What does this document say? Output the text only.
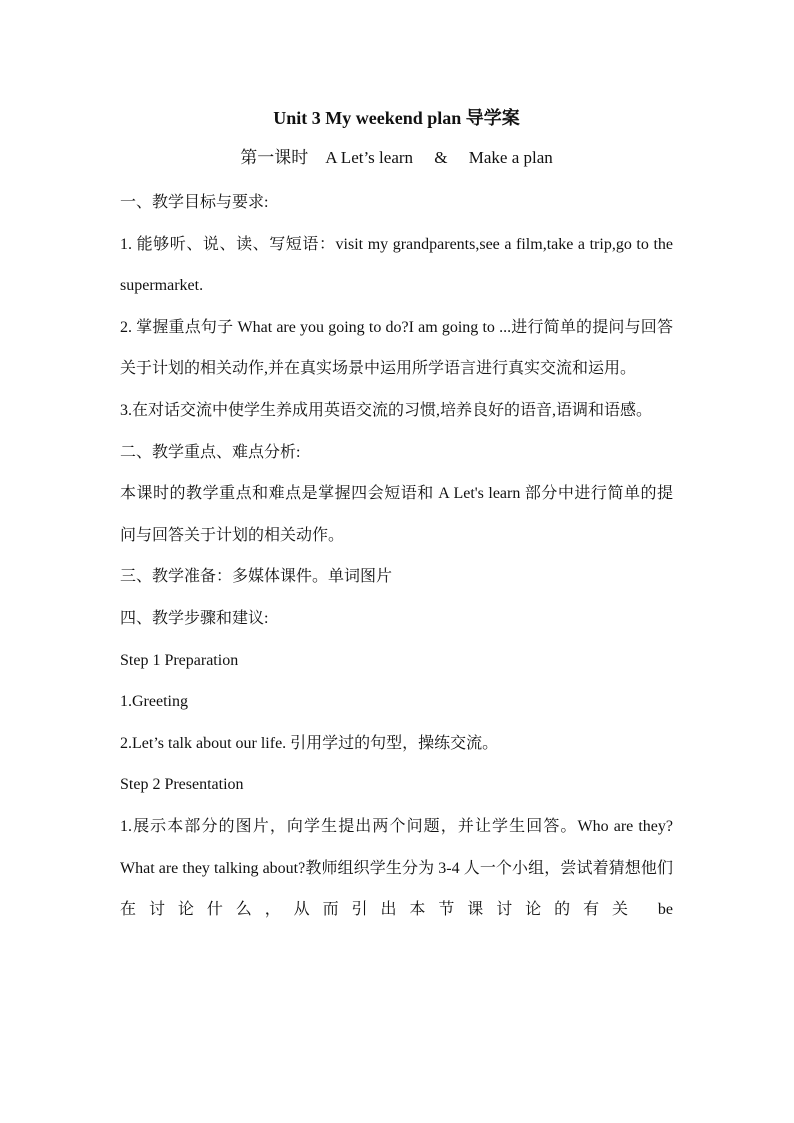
Unit 3 My weekend plan 导学案
第一课时    A Let’s learn     &     Make a plan

一、教学目标与要求:

1. 能够听、说、读、写短语：visit my grandparents,see a film,take a trip,go to the supermarket.

2. 掌握重点句子 What are you going to do?I am going to ...进行简单的提问与回答关于计划的相关动作,并在真实场景中运用所学语言进行真实交流和运用。

3.在对话交流中使学生养成用英语交流的习惯,培养良好的语音,语调和语感。

二、教学重点、难点分析:

本课时的教学重点和难点是掌握四会短语和 A Let's learn 部分中进行简单的提问与回答关于计划的相关动作。

三、教学准备：多媒体课件。单词图片

四、教学步骤和建议:

Step 1 Preparation

1.Greeting

2.Let’s talk about our life. 引用学过的句型，操练交流。

Step 2 Presentation

1.展示本部分的图片，向学生提出两个问题，并让学生回答。Who are they?What are they talking about?教师组织学生分为 3-4 人一个小组，尝试着猜想他们在讨论什么，从而引出本节课讨论的有关 be
